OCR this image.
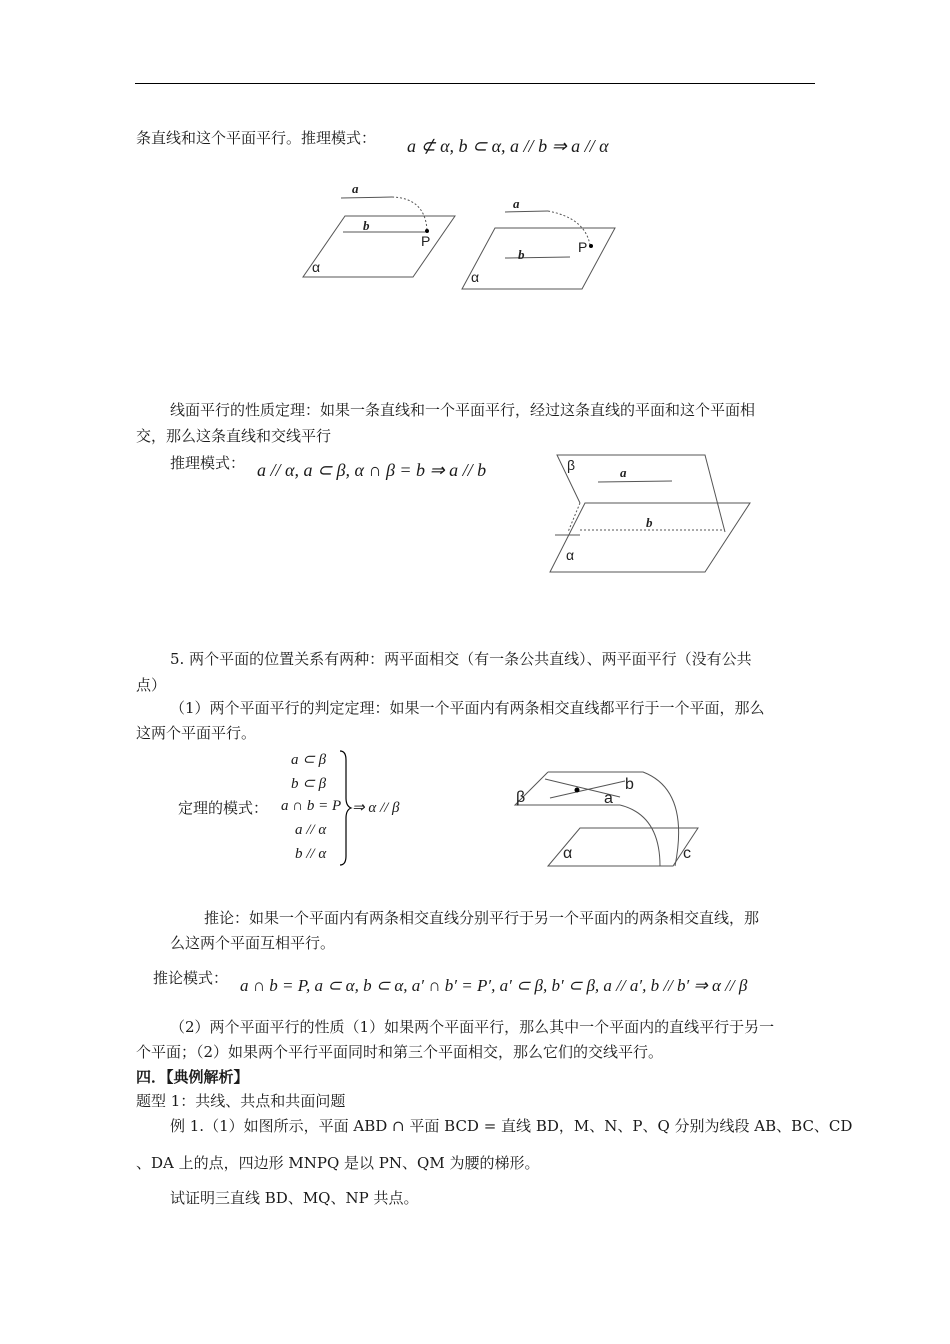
条直线和这个平面平行。推理模式： a ⊄ α, b ⊂ α, a // b ⇒ a // α
a
b
P
α
a
b	P
α
线面平行的性质定理：如果一条直线和一个平面平行，经过这条直线的平面和这个平面相
交，那么这条直线和交线平行
推理模式： a // α, a ⊂ β, α ∩ β = b ⇒ a // b	β	a
b
α
5. 两个平面的位置关系有两种：两平面相交（有一条公共直线）、两平面平行（没有公共
点）
（1）两个平面平行的判定定理：如果一个平面内有两条相交直线都平行于一个平面，那么
这两个平面平行。
定理的模式：
a ⊂ β
b ⊂ β
a ∩ b = P
a // α
b // α
⇒ α // β
β	a
b
α	c
推论：如果一个平面内有两条相交直线分别平行于另一个平面内的两条相交直线，那
么这两个平面互相平行。
推论模式： a ∩ b = P, a ⊂ α, b ⊂ α, a′ ∩ b′ = P′, a′ ⊂ β, b′ ⊂ β, a // a′, b // b′ ⇒ α // β
（2）两个平面平行的性质（1）如果两个平面平行，那么其中一个平面内的直线平行于另一
个平面；（2）如果两个平行平面同时和第三个平面相交，那么它们的交线平行。
四．【典例解析】
题型 1：共线、共点和共面问题
例 1.（1）如图所示，平面 ABD ∩ 平面 BCD = 直线 BD，M、N、P、Q 分别为线段 AB、BC、CD
、DA 上的点，四边形 MNPQ 是以 PN、QM 为腰的梯形。
试证明三直线 BD、MQ、NP 共点。
